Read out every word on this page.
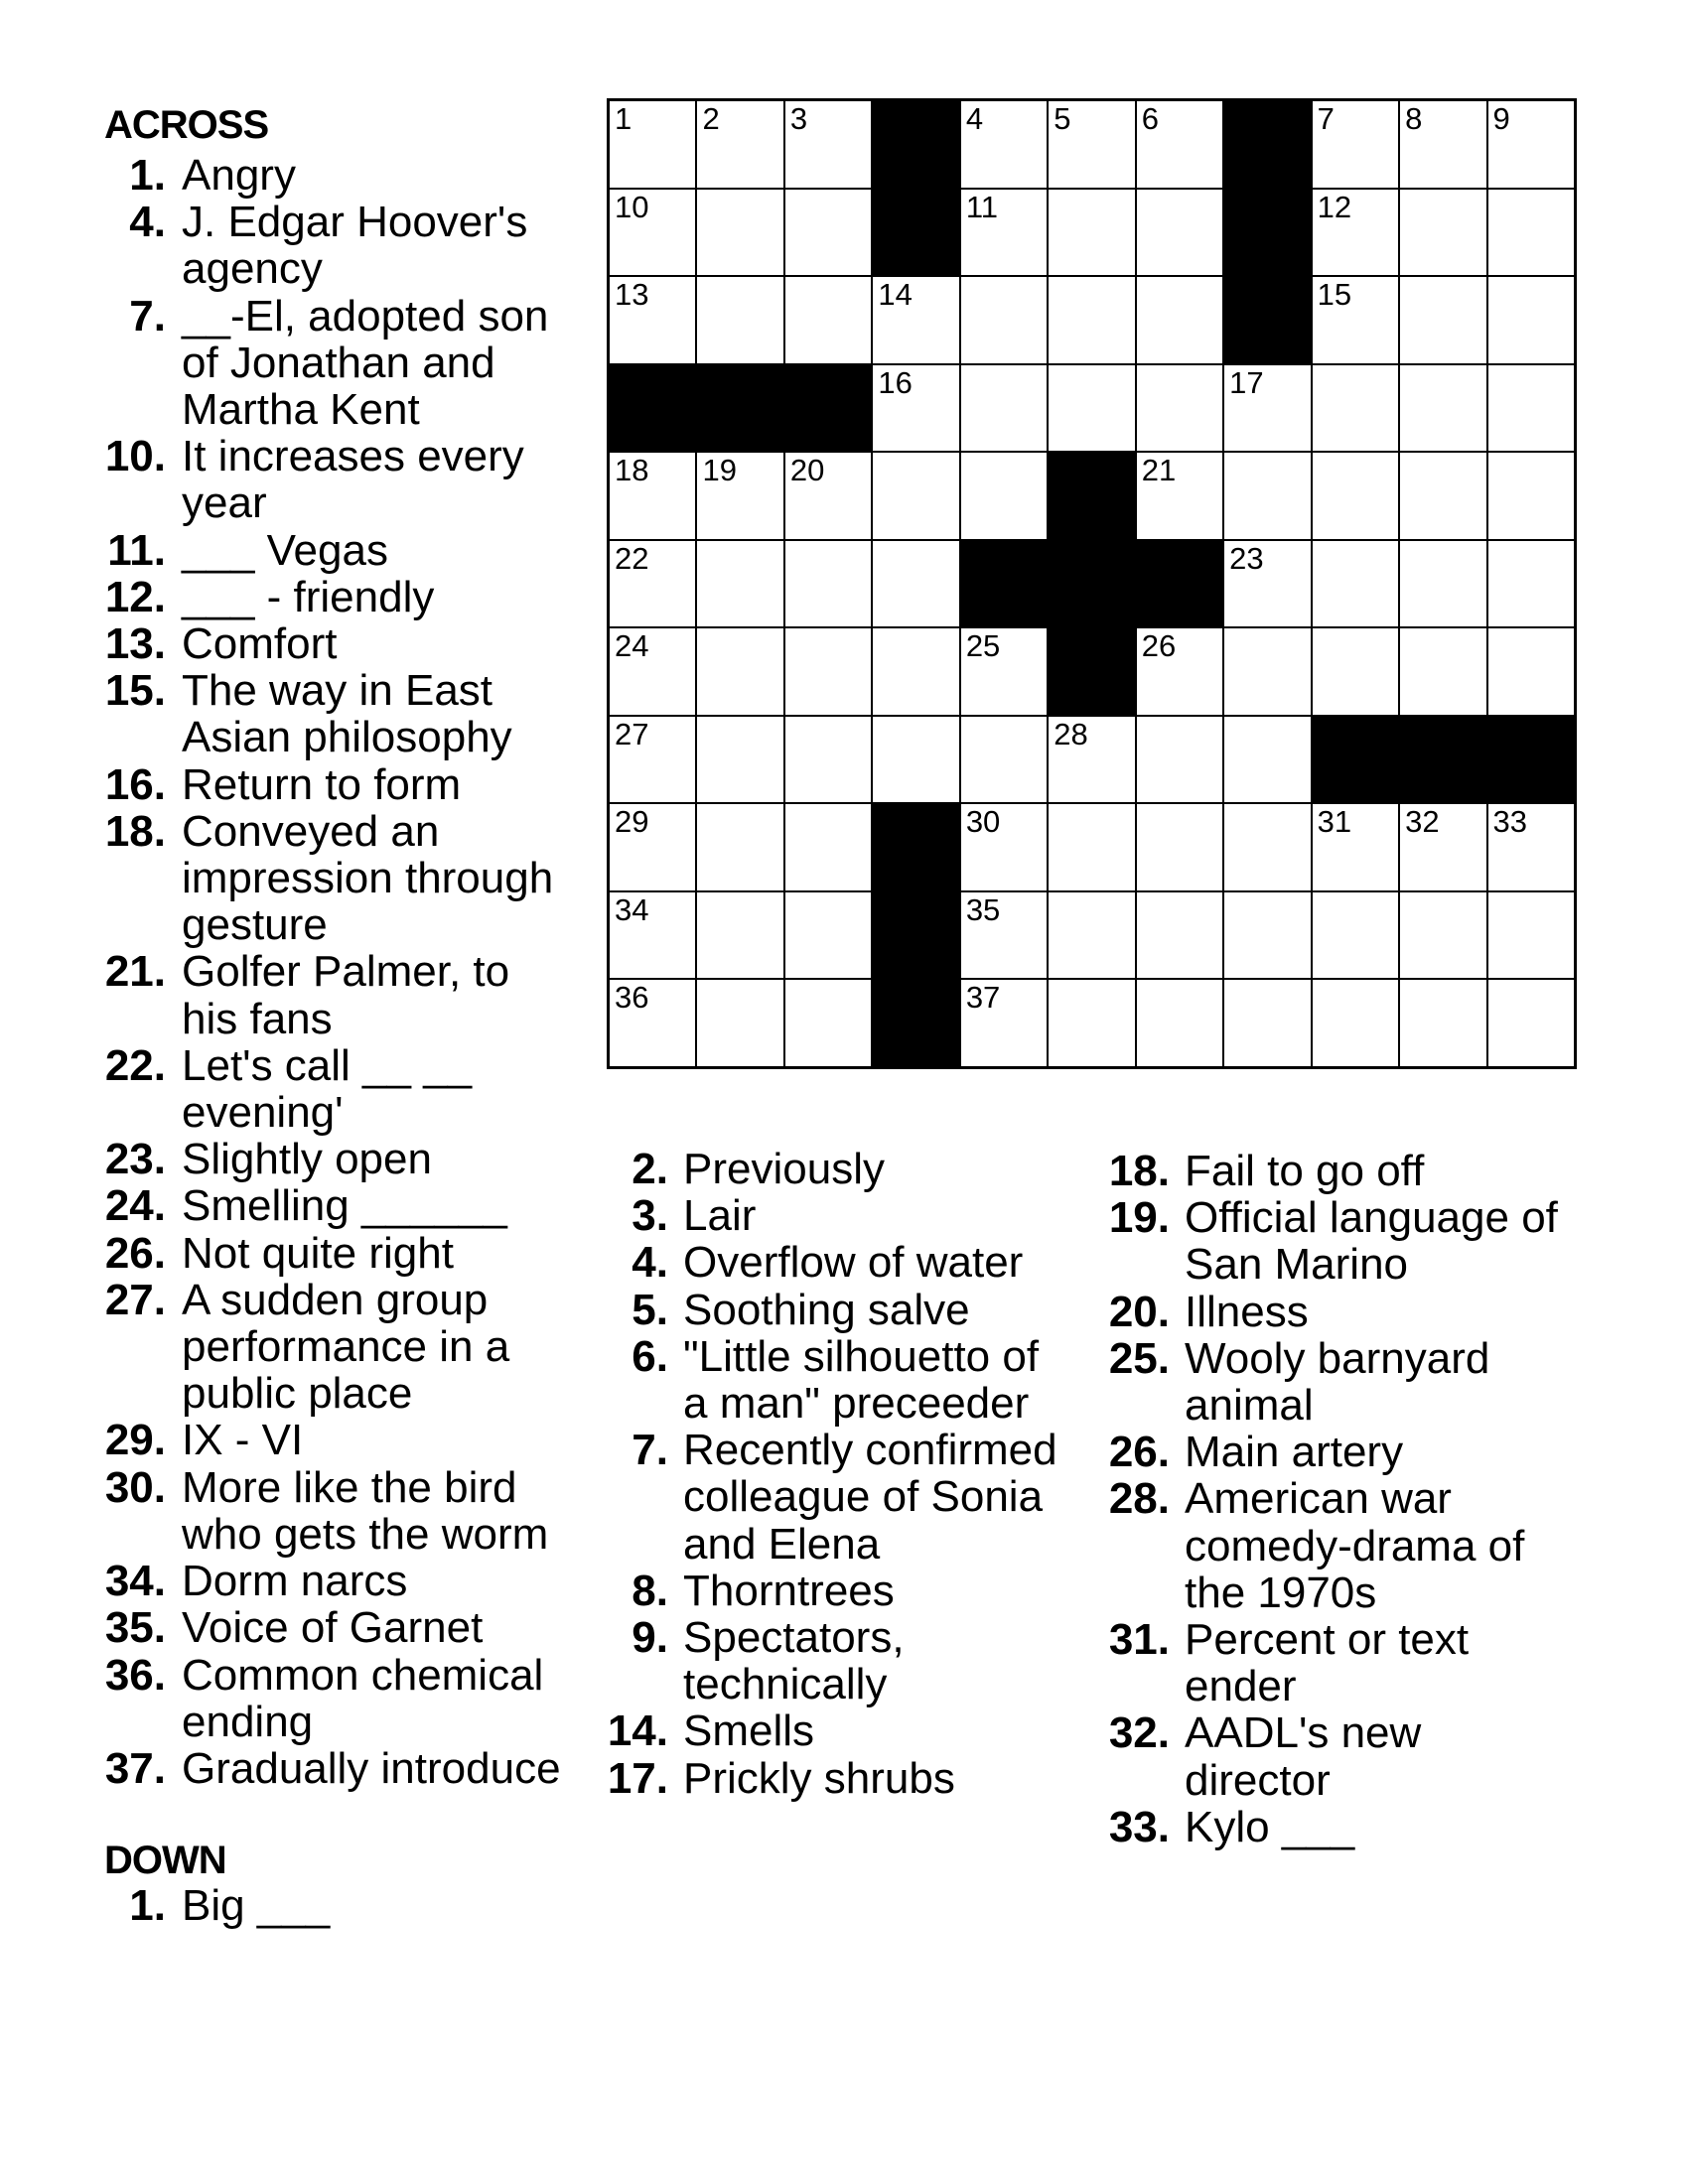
ACROSS
1. Angry
4. J. Edgar Hoover's agency
7. __-El, adopted son of Jonathan and Martha Kent
10. It increases every year
11. ___ Vegas
12. ___ - friendly
13. Comfort
15. The way in East Asian philosophy
16. Return to form
18. Conveyed an impression through gesture
21. Golfer Palmer, to his fans
22. Let's call __ __ evening'
23. Slightly open
24. Smelling ______
26. Not quite right
27. A sudden group performance in a public place
29. IX - VI
30. More like the bird who gets the worm
34. Dorm narcs
35. Voice of Garnet
36. Common chemical ending
37. Gradually introduce
1 2 3	4 5 6	7 8 9
10	11	12
13	14	15
16	17
18 19 20	21
22	23
24	25	26
27	28
29	30	31 32 33
34	35
36	37
DOWN
1. Big ___
2. Previously
3. Lair
4. Overflow of water
5. Soothing salve
6. "Little silhouetto of a man" preceeder
7. Recently confirmed colleague of Sonia and Elena
8. Thorntrees
9. Spectators, technically
14. Smells
17. Prickly shrubs
18. Fail to go off
19. Official language of San Marino
20. Illness
25. Wooly barnyard animal
26. Main artery
28. American war comedy-drama of the 1970s
31. Percent or text ender
32. AADL's new director
33. Kylo ___
